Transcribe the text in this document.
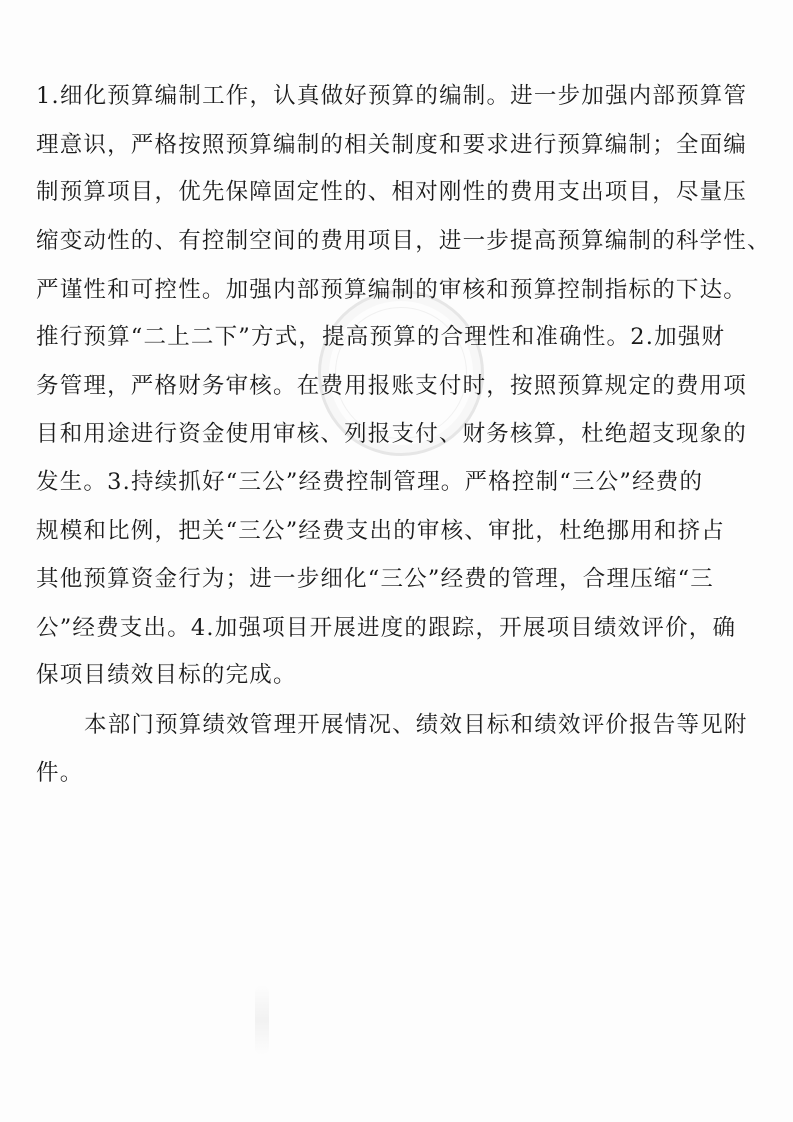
1.细化预算编制工作，认真做好预算的编制。进一步加强内部预算管
理意识，严格按照预算编制的相关制度和要求进行预算编制；全面编
制预算项目，优先保障固定性的、相对刚性的费用支出项目，尽量压
缩变动性的、有控制空间的费用项目，进一步提高预算编制的科学性、
严谨性和可控性。加强内部预算编制的审核和预算控制指标的下达。
推行预算“二上二下”方式，提高预算的合理性和准确性。2.加强财
务管理，严格财务审核。在费用报账支付时，按照预算规定的费用项
目和用途进行资金使用审核、列报支付、财务核算，杜绝超支现象的
发生。3.持续抓好“三公”经费控制管理。严格控制“三公”经费的
规模和比例，把关“三公”经费支出的审核、审批，杜绝挪用和挤占
其他预算资金行为；进一步细化“三公”经费的管理，合理压缩“三
公”经费支出。4.加强项目开展进度的跟踪，开展项目绩效评价，确
保项目绩效目标的完成。
本部门预算绩效管理开展情况、绩效目标和绩效评价报告等见附
件。
